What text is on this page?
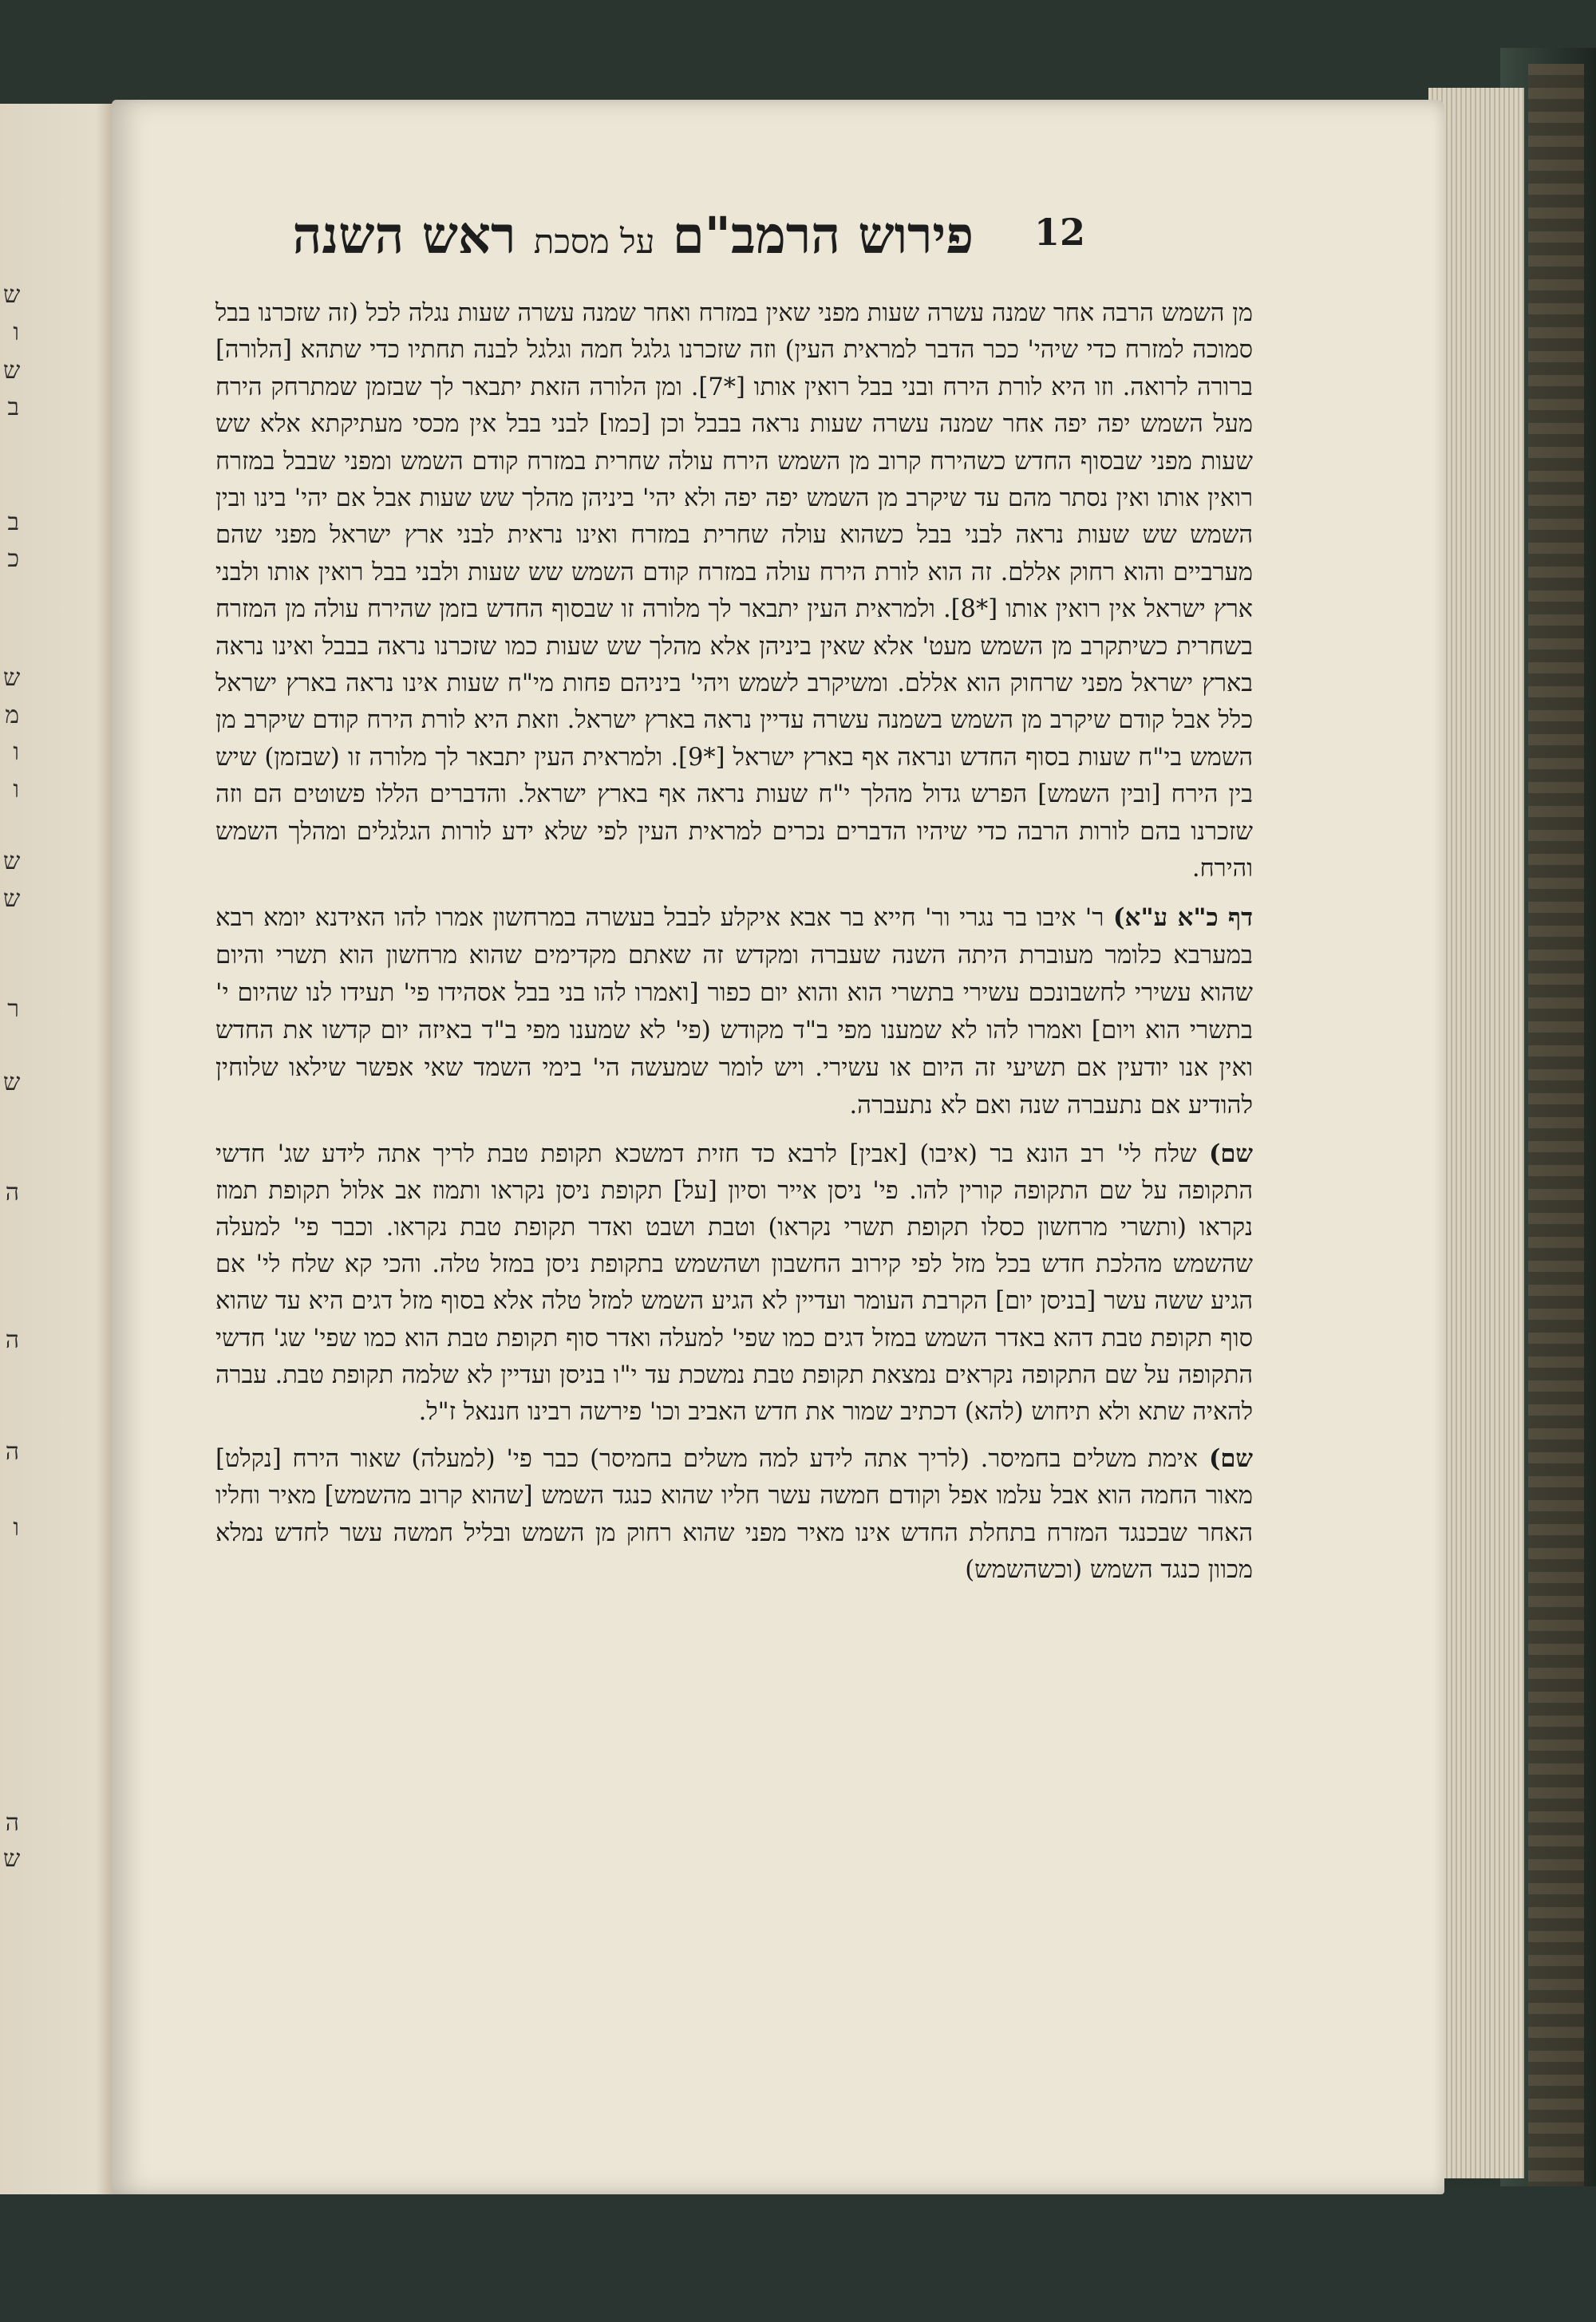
ש
ו
ש
ב
ב
כ
ש
מ
ו
ו
ש
ש
ר
ש
ה
ה
ה
ו
ה
ש
12
פירוש הרמב"ם על מסכת ראש השנה

מן השמש הרבה אחר שמנה עשרה שעות מפני שאין במזרח ואחר שמנה עשרה שעות נגלה לכל (זה שזכרנו בבל סמוכה למזרח כדי שיהי' ככר הדבר למראית העין) וזה שזכרנו גלגל חמה וגלגל לבנה תחתיו כדי שתהא [הלורה] ברורה לרואה. וזו היא לורת הירח ובני בבל רואין אותו [*7]. ומן הלורה הזאת יתבאר לך שבזמן שמתרחק הירח מעל השמש יפה יפה אחר שמנה עשרה שעות נראה בבבל וכן [כמו] לבני בבל אין מכסי מעתיקתא אלא שש שעות מפני שבסוף החדש כשהירח קרוב מן השמש הירח עולה שחרית במזרח קודם השמש ומפני שבבל במזרח רואין אותו ואין נסתר מהם עד שיקרב מן השמש יפה יפה ולא יהי' ביניהן מהלך שש שעות אבל אם יהי' בינו ובין השמש שש שעות נראה לבני בבל כשהוא עולה שחרית במזרח ואינו נראית לבני ארץ ישראל מפני שהם מערביים והוא רחוק אללם. זה הוא לורת הירח עולה במזרח קודם השמש שש שעות ולבני בבל רואין אותו ולבני ארץ ישראל אין רואין אותו [*8]. ולמראית העין יתבאר לך מלורה זו שבסוף החדש בזמן שהירח עולה מן המזרח בשחרית כשיתקרב מן השמש מעט' אלא שאין ביניהן אלא מהלך שש שעות כמו שזכרנו נראה בבבל ואינו נראה בארץ ישראל מפני שרחוק הוא אללם. ומשיקרב לשמש ויהי' ביניהם פחות מי"ח שעות אינו נראה בארץ ישראל כלל אבל קודם שיקרב מן השמש בשמנה עשרה עדיין נראה בארץ ישראל. וזאת היא לורת הירח קודם שיקרב מן השמש בי"ח שעות בסוף החדש ונראה אף בארץ ישראל [*9]. ולמראית העין יתבאר לך מלורה זו (שבזמן) שיש בין הירח [ובין השמש] הפרש גדול מהלך י"ח שעות נראה אף בארץ ישראל. והדברים הללו פשוטים הם וזה שזכרנו בהם לורות הרבה כדי שיהיו הדברים נכרים למראית העין לפי שלא ידע לורות הגלגלים ומהלך השמש והירח.

דף כ"א ע"א) ר' איבו בר נגרי ור' חייא בר אבא איקלע לבבל בעשרה במרחשון אמרו להו האידנא יומא רבא במערבא כלומר מעוברת היתה השנה שעברה ומקדש זה שאתם מקדימים שהוא מרחשון הוא תשרי והיום שהוא עשירי לחשבונכם עשירי בתשרי הוא והוא יום כפור [ואמרו להו בני בבל אסהידו פי' תעידו לנו שהיום י' בתשרי הוא ויום] ואמרו להו לא שמענו מפי ב"ד מקודש (פי' לא שמענו מפי ב"ד באיזה יום קדשו את החדש ואין אנו יודעין אם תשיעי זה היום או עשירי. ויש לומר שמעשה הי' בימי השמד שאי אפשר שילאו שלוחין להודיע אם נתעברה שנה ואם לא נתעברה.

שם) שלח לי' רב הונא בר (איבו) [אבין] לרבא כד חזית דמשכא תקופת טבת לריך אתה לידע שג' חדשי התקופה על שם התקופה קורין להו. פי' ניסן אייר וסיון [על] תקופת ניסן נקראו ותמוז אב אלול תקופת תמוז נקראו (ותשרי מרחשון כסלו תקופת תשרי נקראו) וטבת ושבט ואדר תקופת טבת נקראו. וכבר פי' למעלה שהשמש מהלכת חדש בכל מזל לפי קירוב החשבון ושהשמש בתקופת ניסן במזל טלה. והכי קא שלח לי' אם הגיע ששה עשר [בניסן יום] הקרבת העומר ועדיין לא הגיע השמש למזל טלה אלא בסוף מזל דגים היא עד שהוא סוף תקופת טבת דהא באדר השמש במזל דגים כמו שפי' למעלה ואדר סוף תקופת טבת הוא כמו שפי' שג' חדשי התקופה על שם התקופה נקראים נמצאת תקופת טבת נמשכת עד י"ו בניסן ועדיין לא שלמה תקופת טבת. עברה להאיה שתא ולא תיחוש (להא) דכתיב שמור את חדש האביב וכו' פירשה רבינו חננאל ז"ל.

שם) אימת משלים בחמיסר. (לריך אתה לידע למה משלים בחמיסר) כבר פי' (למעלה) שאור הירח [נקלט] מאור החמה הוא אבל עלמו אפל וקודם חמשה עשר חליו שהוא כנגד השמש [שהוא קרוב מהשמש] מאיר וחליו האחר שבכנגד המזרח בתחלת החדש אינו מאיר מפני שהוא רחוק מן השמש ובליל חמשה עשר לחדש נמלא מכוון כנגד השמש (וכשהשמש)
